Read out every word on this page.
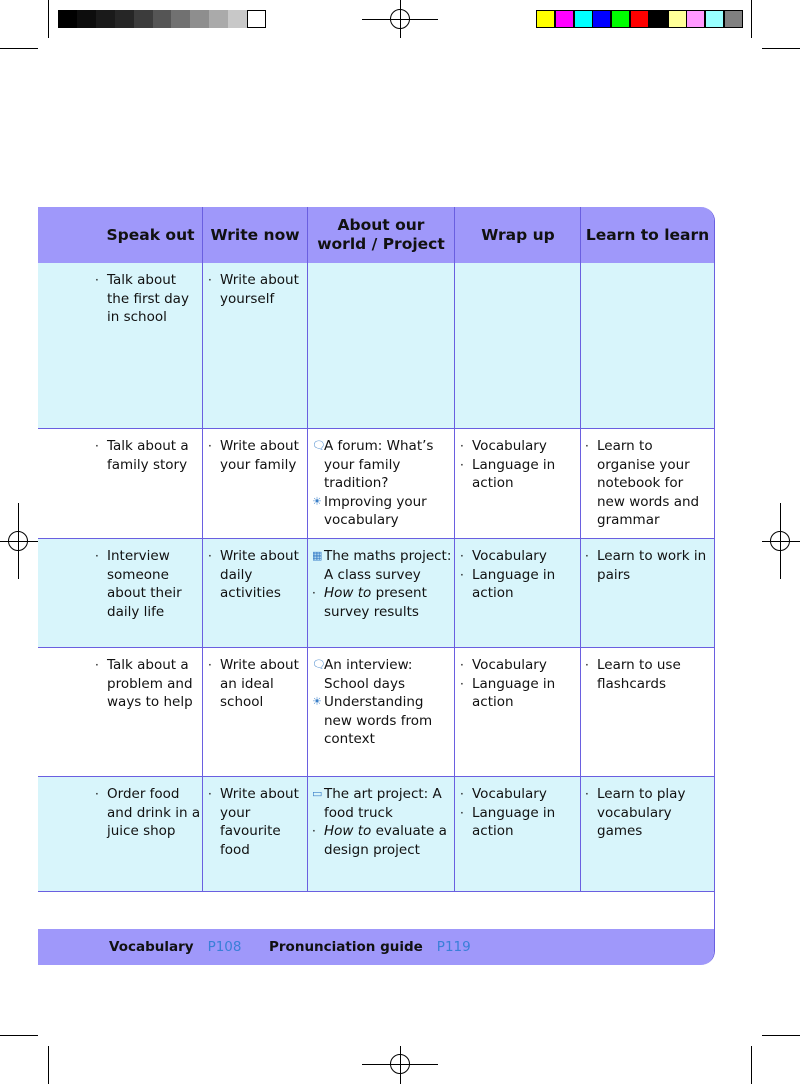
Speak out	Write now
About our world / Project
Wrap up	Learn to learn
· Talk about the first day in school
· Write about yourself
· Talk about a family story
· Write about your family
🗨
A forum: What’s your family tradition?
☀ Improving your vocabulary
· Vocabulary
· Language in action
· Learn to organise your notebook for new words and grammar
· Interview someone about their daily life
· Write about daily activities
▦ The maths project: A class survey
· How to present survey results
· Vocabulary
· Language in action
· Learn to work in pairs
· Talk about a problem and ways to help
· Write about an ideal school
🗨
An interview: School days
☀ Understanding new words from context
· Vocabulary
· Language in action
· Learn to use flashcards
· Order food and drink in a juice shop
· Write about your favourite food
▭ The art project: A food truck
· How to evaluate a design project
· Vocabulary
· Language in action
· Learn to play vocabulary games
Vocabulary P108 Pronunciation guide P119
